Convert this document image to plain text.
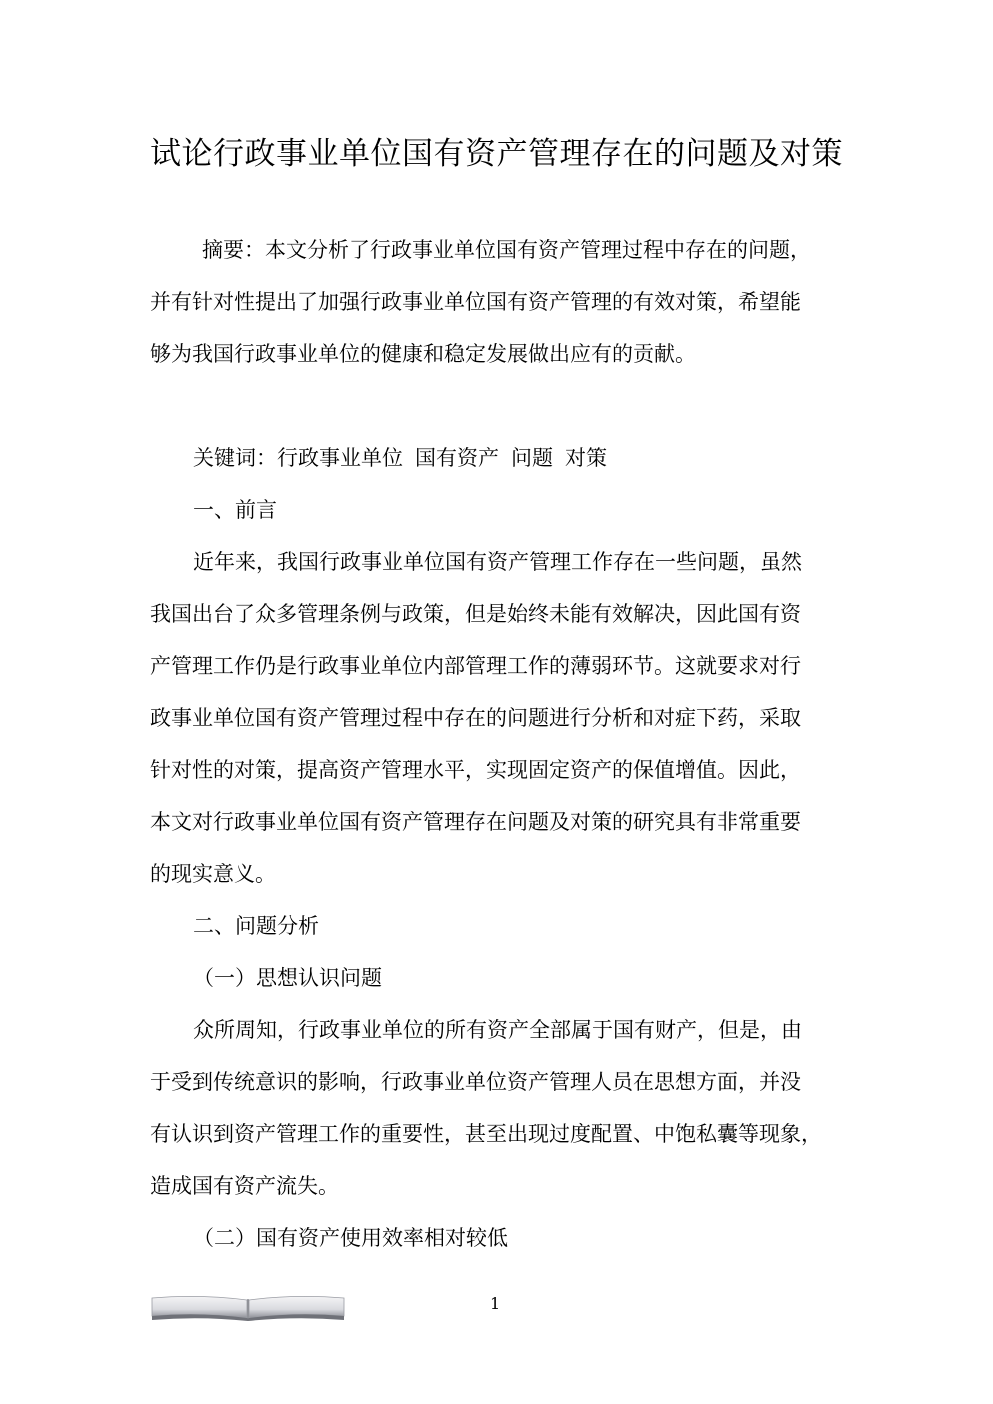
试论行政事业单位国有资产管理存在的问题及对策
摘要：本文分析了行政事业单位国有资产管理过程中存在的问题，
并有针对性提出了加强行政事业单位国有资产管理的有效对策，希望能
够为我国行政事业单位的健康和稳定发展做出应有的贡献。
关键词：行政事业单位 国有资产 问题 对策
一、前言
近年来，我国行政事业单位国有资产管理工作存在一些问题，虽然
我国出台了众多管理条例与政策，但是始终未能有效解决，因此国有资
产管理工作仍是行政事业单位内部管理工作的薄弱环节。这就要求对行
政事业单位国有资产管理过程中存在的问题进行分析和对症下药，采取
针对性的对策，提高资产管理水平，实现固定资产的保值增值。因此，
本文对行政事业单位国有资产管理存在问题及对策的研究具有非常重要
的现实意义。
二、问题分析
（一）思想认识问题
众所周知，行政事业单位的所有资产全部属于国有财产，但是，由
于受到传统意识的影响，行政事业单位资产管理人员在思想方面，并没
有认识到资产管理工作的重要性，甚至出现过度配置、中饱私囊等现象，
造成国有资产流失。
（二）国有资产使用效率相对较低
1
